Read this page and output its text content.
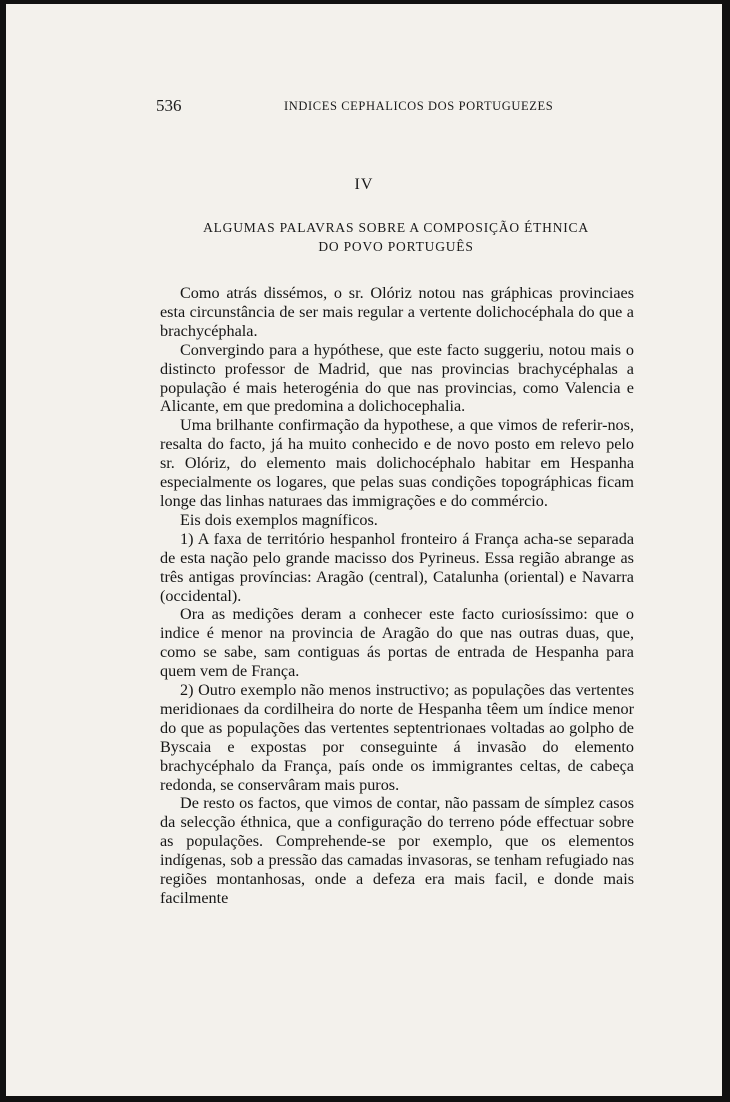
536	INDICES CEPHALICOS DOS PORTUGUEZES
IV
ALGUMAS PALAVRAS SOBRE A COMPOSIÇÃO ÉTHNICA
DO POVO PORTUGUÊS

Como atrás dissémos, o sr. Olóriz notou nas gráphicas provinciaes esta circunstância de ser mais regular a vertente dolichocéphala do que a brachycéphala.

Convergindo para a hypóthese, que este facto suggeriu, notou mais o distincto professor de Madrid, que nas provincias brachycéphalas a população é mais heterogénia do que nas provincias, como Valencia e Alicante, em que predomina a dolichocephalia.

Uma brilhante confirmação da hypothese, a que vimos de referir-nos, resalta do facto, já ha muito conhecido e de novo posto em relevo pelo sr. Olóriz, do elemento mais dolichocéphalo habitar em Hespanha especialmente os logares, que pelas suas condições topográphicas ficam longe das linhas naturaes das immigrações e do commércio.

Eis dois exemplos magníficos.

1) A faxa de território hespanhol fronteiro á França acha-se separada de esta nação pelo grande macisso dos Pyrineus. Essa região abrange as três antigas províncias: Aragão (central), Catalunha (oriental) e Navarra (occidental).

Ora as medições deram a conhecer este facto curiosíssimo: que o indice é menor na provincia de Aragão do que nas outras duas, que, como se sabe, sam contiguas ás portas de entrada de Hespanha para quem vem de França.

2) Outro exemplo não menos instructivo; as populações das vertentes meridionaes da cordilheira do norte de Hespanha têem um índice menor do que as populações das vertentes septentrionaes voltadas ao golpho de Byscaia e expostas por conseguinte á invasão do elemento brachycéphalo da França, país onde os immigrantes celtas, de cabeça redonda, se conservâram mais puros.

De resto os factos, que vimos de contar, não passam de símplez casos da selecção éthnica, que a configuração do terreno póde effectuar sobre as populações. Comprehende-se por exemplo, que os elementos indígenas, sob a pressão das camadas invasoras, se tenham refugiado nas regiões montanhosas, onde a defeza era mais facil, e donde mais facilmente
